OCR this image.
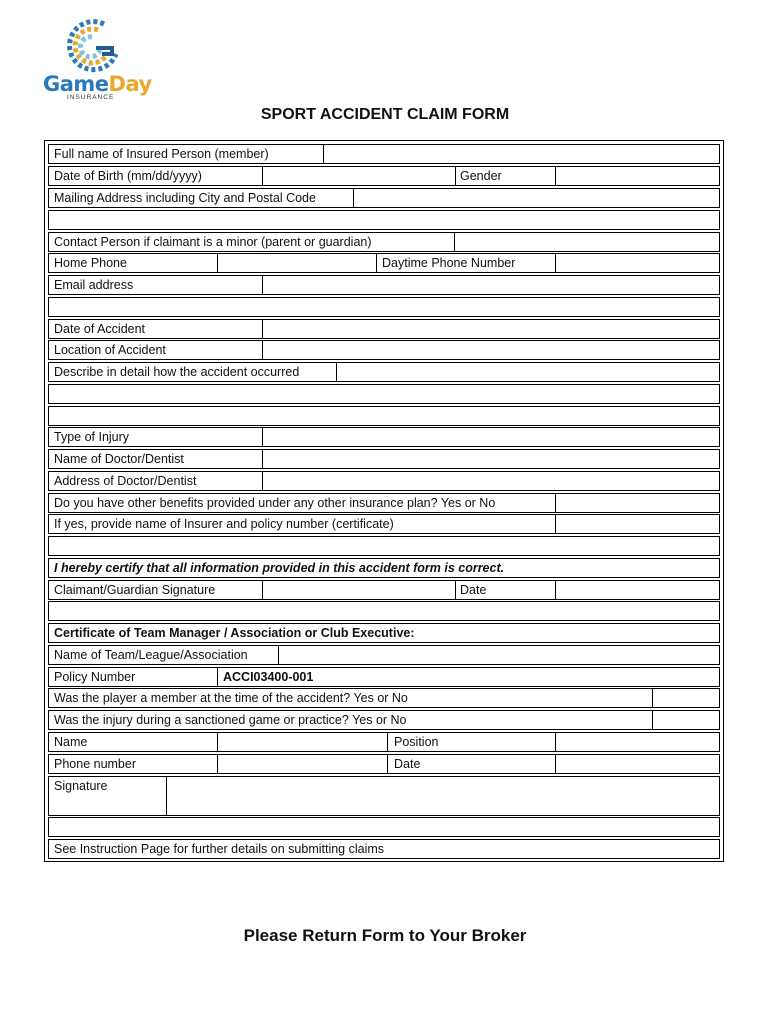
GameDay
INSURANCE
SPORT ACCIDENT CLAIM FORM
Full name of Insured Person (member)
Date of Birth (mm/dd/yyyy)	Gender
Mailing Address including City and Postal Code
Contact Person if claimant is a minor (parent or guardian)
Home Phone	Daytime Phone Number
Email address
Date of Accident
Location of Accident
Describe in detail how the accident occurred
Type of Injury
Name of Doctor/Dentist
Address of Doctor/Dentist
Do you have other benefits provided under any other insurance plan? Yes or No
If yes, provide name of Insurer and policy number (certificate)
I hereby certify that all information provided in this accident form is correct.
Claimant/Guardian Signature	Date
Certificate of Team Manager / Association or Club Executive:
Name of Team/League/Association
Policy Number	ACCI03400-001
Was the player a member at the time of the accident? Yes or No
Was the injury during a sanctioned game or practice? Yes or No
Name	Position
Phone number	Date
Signature
See Instruction Page for further details on submitting claims
Please Return Form to Your Broker
